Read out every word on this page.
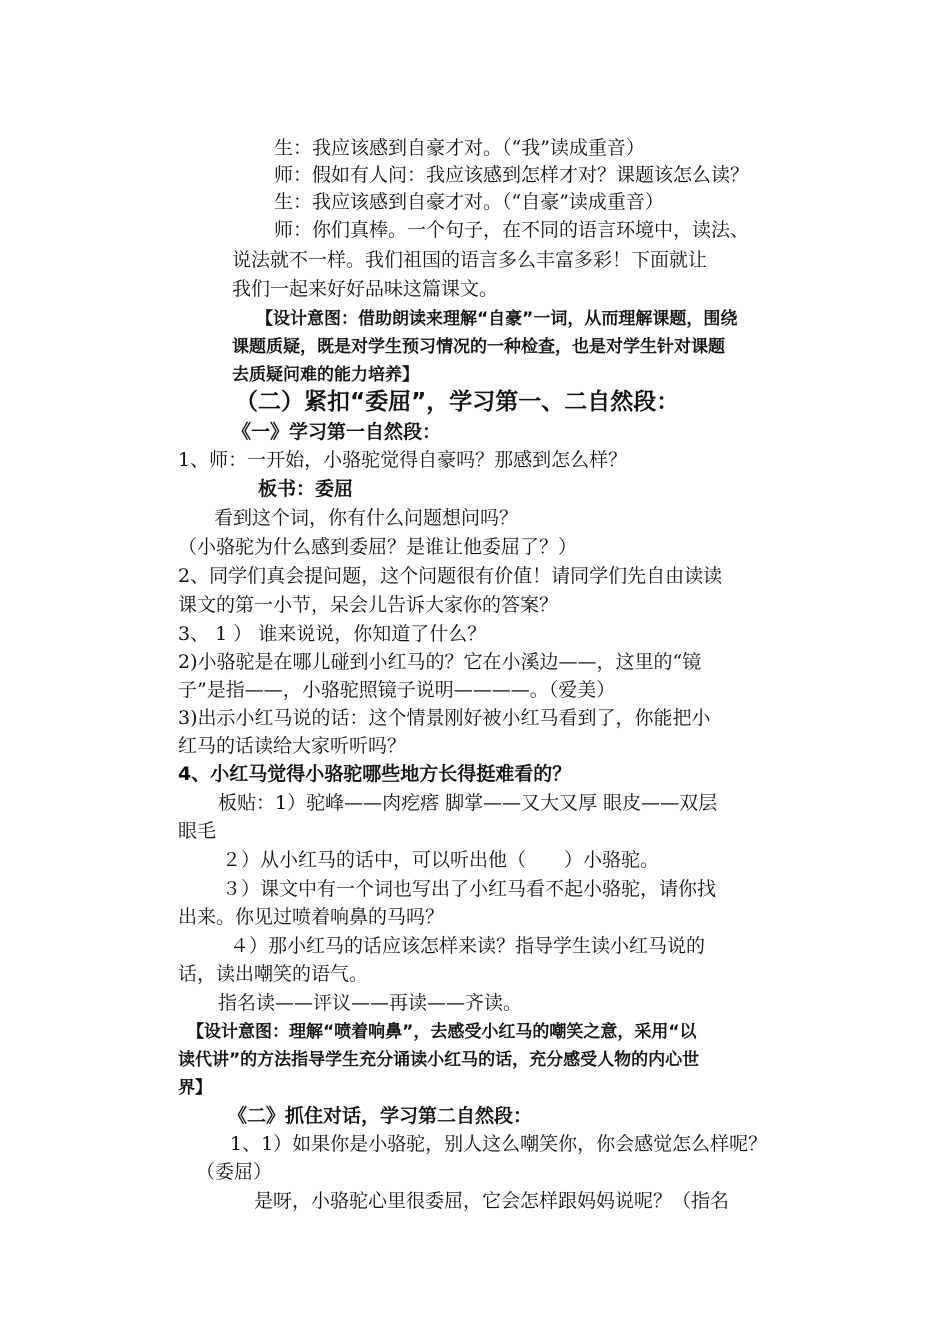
生：我应该感到自豪才对。（“我”读成重音）
师：假如有人问：我应该感到怎样才对？课题该怎么读？
生：我应该感到自豪才对。（“自豪”读成重音）
师：你们真棒。一个句子，在不同的语言环境中，读法、
说法就不一样。我们祖国的语言多么丰富多彩！下面就让
我们一起来好好品味这篇课文。
【设计意图：借助朗读来理解“自豪”一词，从而理解课题，围绕
课题质疑，既是对学生预习情况的一种检查，也是对学生针对课题
去质疑问难的能力培养】
（二）紧扣“委屈”，学习第一、二自然段：
《一》学习第一自然段：
1、师：一开始，小骆驼觉得自豪吗？那感到怎么样？
板书：委屈
看到这个词，你有什么问题想问吗？
（小骆驼为什么感到委屈？是谁让他委屈了？）
2、同学们真会提问题，这个问题很有价值！请同学们先自由读读
课文的第一小节，呆会儿告诉大家你的答案？
3、 1 ） 谁来说说，你知道了什么？
2)小骆驼是在哪儿碰到小红马的？它在小溪边——，这里的“镜
子”是指——，小骆驼照镜子说明————。（爱美）
3)出示小红马说的话：这个情景刚好被小红马看到了，你能把小
红马的话读给大家听听吗？
4、小红马觉得小骆驼哪些地方长得挺难看的？
板贴：1）驼峰——肉疙瘩 脚掌——又大又厚 眼皮——双层
眼毛
２）从小红马的话中，可以听出他（　　）小骆驼。
３）课文中有一个词也写出了小红马看不起小骆驼，请你找
出来。你见过喷着响鼻的马吗？
４）那小红马的话应该怎样来读？指导学生读小红马说的
话，读出嘲笑的语气。
指名读——评议——再读——齐读。
【设计意图：理解“喷着响鼻”，去感受小红马的嘲笑之意，采用“以
读代讲”的方法指导学生充分诵读小红马的话，充分感受人物的内心世
界】
《二》抓住对话，学习第二自然段：
1、1）如果你是小骆驼，别人这么嘲笑你，你会感觉怎么样呢？
（委屈）
是呀，小骆驼心里很委屈，它会怎样跟妈妈说呢？（指名
